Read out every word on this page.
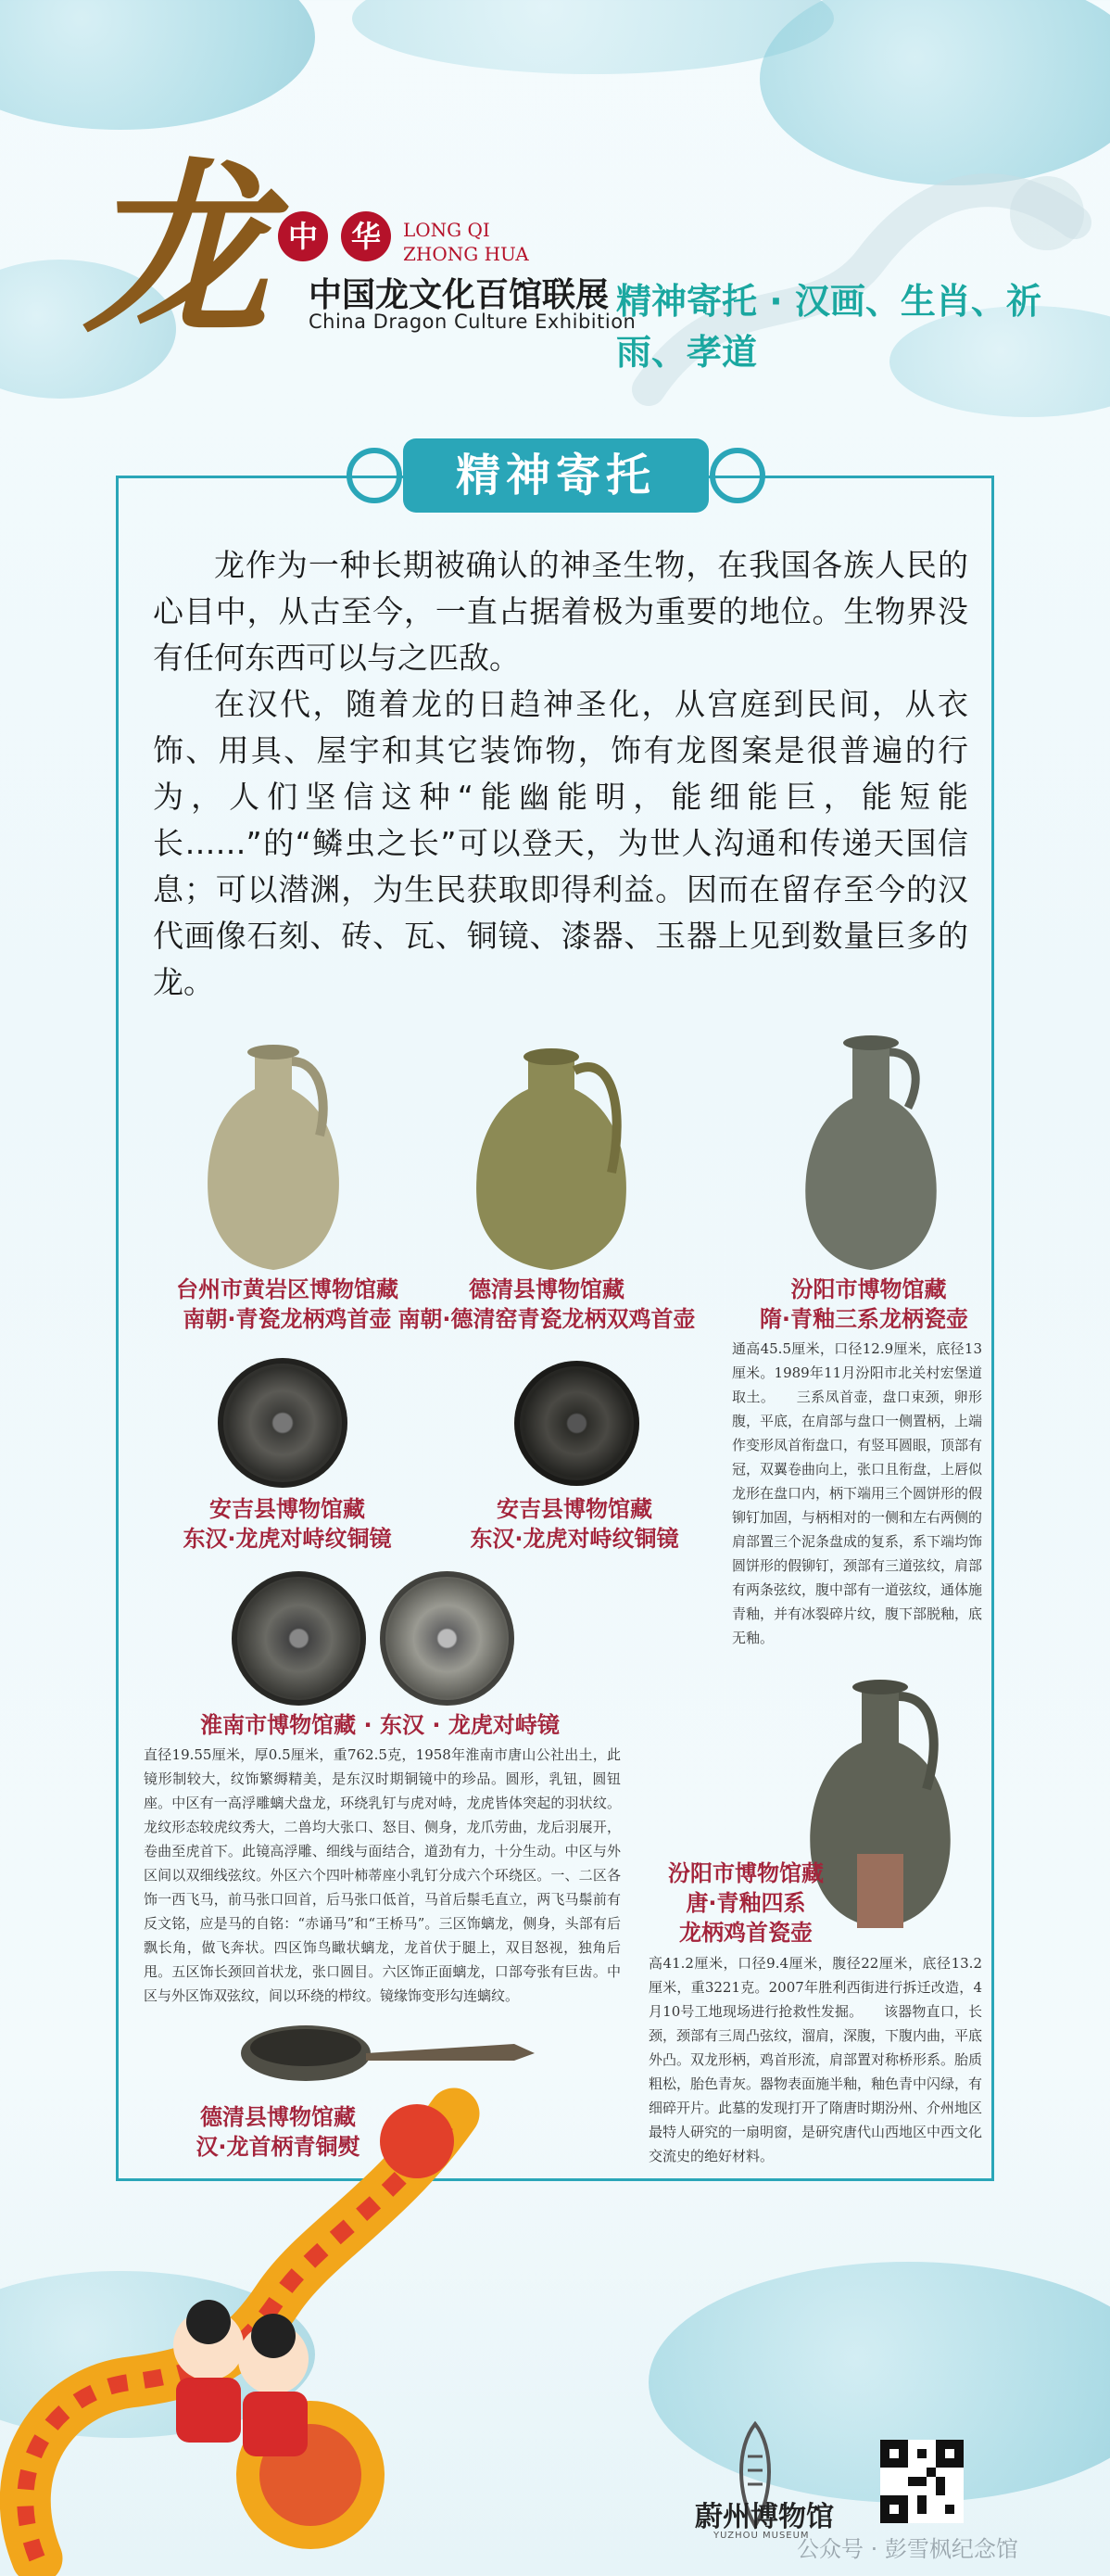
龙 中	华	LONG QI
ZHONG HUA
中国龙文化百馆联展
China Dragon Culture Exhibition
精神寄托 · 汉画、生肖、祈雨、孝道
精神寄托

龙作为一种长期被确认的神圣生物，在我国各族人民的心目中，从古至今，一直占据着极为重要的地位。生物界没有任何东西可以与之匹敌。

在汉代，随着龙的日趋神圣化，从宫庭到民间，从衣饰、用具、屋宇和其它装饰物，饰有龙图案是很普遍的行为，人们坚信这种“能幽能明，能细能巨，能短能长……”的“鳞虫之长”可以登天，为世人沟通和传递天国信息；可以潜渊，为生民获取即得利益。因而在留存至今的汉代画像石刻、砖、瓦、铜镜、漆器、玉器上见到数量巨多的龙。

台州市黄岩区博物馆藏
南朝·青瓷龙柄鸡首壶
德清县博物馆藏
南朝·德清窑青瓷龙柄双鸡首壶
汾阳市博物馆藏
隋·青釉三系龙柄瓷壶
通高45.5厘米，口径12.9厘米，底径13厘米。1989年11月汾阳市北关村宏堡道取土。　　三系凤首壶，盘口束颈，卵形腹，平底，在肩部与盘口一侧置柄，上端作变形凤首衔盘口，有竖耳圆眼，顶部有冠，双翼卷曲向上，张口且衔盘，上唇似龙形在盘口内，柄下端用三个圆饼形的假铆钉加固，与柄相对的一侧和左右两侧的肩部置三个泥条盘成的复系，系下端均饰圆饼形的假铆钉，颈部有三道弦纹，肩部有两条弦纹，腹中部有一道弦纹，通体施青釉，并有冰裂碎片纹，腹下部脱釉，底无釉。
安吉县博物馆藏
东汉·龙虎对峙纹铜镜
安吉县博物馆藏
东汉·龙虎对峙纹铜镜
淮南市博物馆藏 · 东汉 · 龙虎对峙镜
直径19.55厘米，厚0.5厘米，重762.5克，1958年淮南市唐山公社出土，此镜形制较大，纹饰繁缛精美，是东汉时期铜镜中的珍品。圆形，乳钮，圆钮座。中区有一高浮雕螭犬盘龙，环绕乳钉与虎对峙，龙虎皆体突起的羽状纹。龙纹形态较虎纹秀大，二兽均大张口、怒目、侧身，龙爪劳曲，龙后羽展开，卷曲至虎首下。此镜高浮雕、细线与面结合，道劲有力，十分生动。中区与外区间以双细线弦纹。外区六个四叶柿蒂座小乳钉分成六个环绕区。一、二区各饰一西飞马，前马张口回首，后马张口低首，马首后鬃毛直立，两飞马鬃前有反文铭，应是马的自铭：“赤诵马”和“王桥马”。三区饰螭龙，侧身，头部有后飘长角，做飞奔状。四区饰鸟瞰状螭龙，龙首伏于腿上，双目怒视，独角后甩。五区饰长颈回首状龙，张口圆目。六区饰正面螭龙，口部夸张有巨齿。中区与外区饰双弦纹，间以环绕的栉纹。镜缘饰变形勾连螭纹。
汾阳市博物馆藏
唐·青釉四系
龙柄鸡首瓷壶
高41.2厘米，口径9.4厘米，腹径22厘米，底径13.2厘米，重3221克。2007年胜利西街进行拆迁改造，4月10号工地现场进行抢救性发掘。　　该器物直口，长颈，颈部有三周凸弦纹，溜肩，深腹，下腹内曲，平底外凸。双龙形柄，鸡首形流，肩部置对称桥形系。胎质粗松，胎色青灰。器物表面施半釉，釉色青中闪绿，有细碎开片。此墓的发现打开了隋唐时期汾州、介州地区最特人研究的一扇明窗，是研究唐代山西地区中西文化交流史的绝好材料。
德清县博物馆藏
汉·龙首柄青铜熨
蔚州博物馆
YUZHOU MUSEUM
公众号 · 彭雪枫纪念馆
